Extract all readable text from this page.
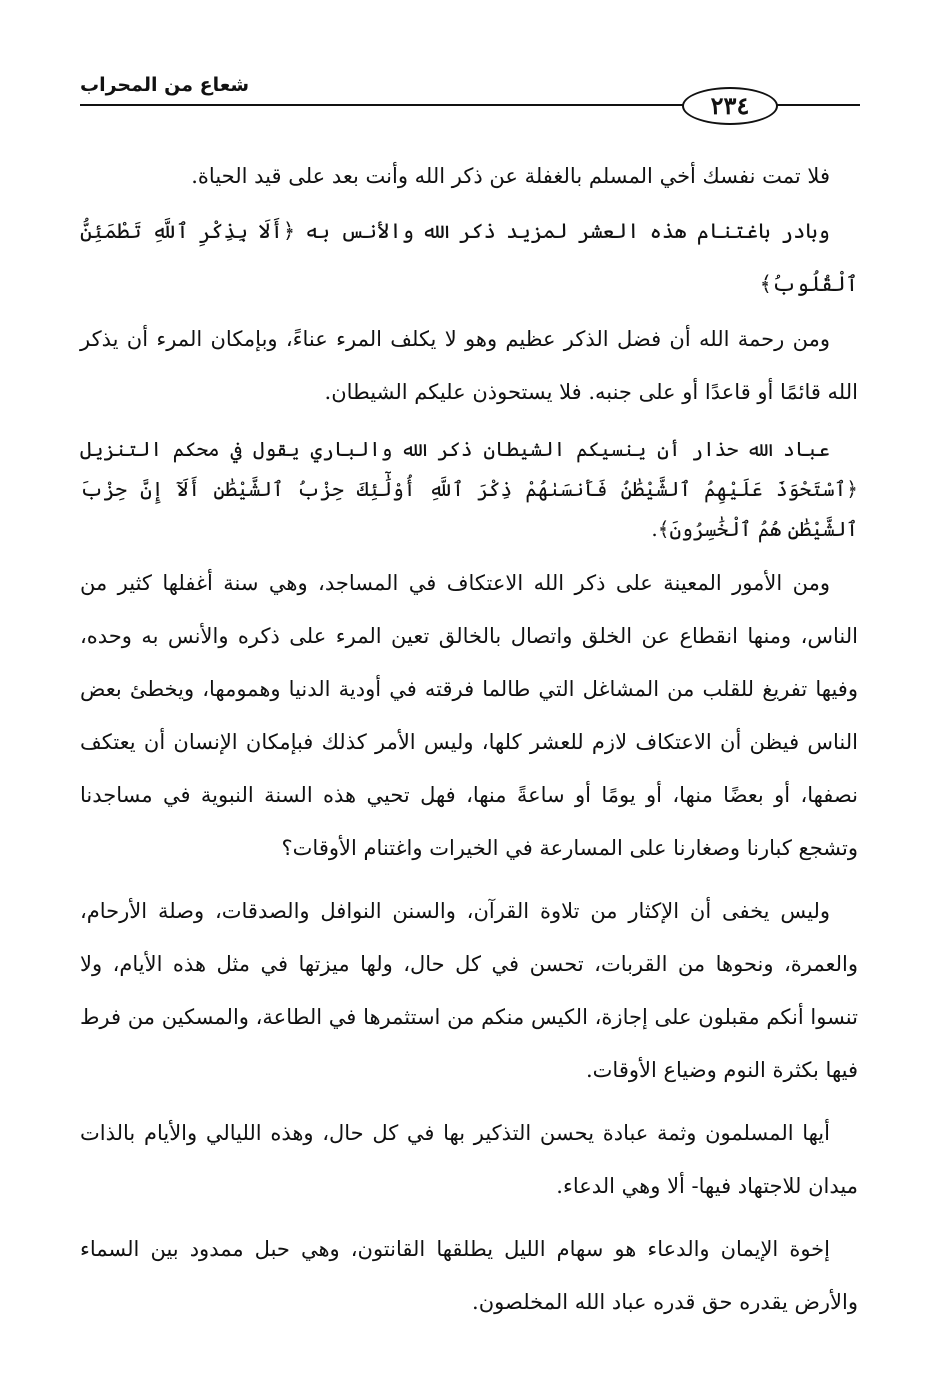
شعاع من المحراب
٢٣٤

فلا تمت نفسك أخي المسلم بالغفلة عن ذكر الله وأنت بعد على قيد الحياة.

وبادر باغتنام هذه العشر لمزيد ذكر الله والأنس به ﴿أَلَا بِذِكْرِ ٱللَّهِ تَطْمَئِنُّ ٱلْقُلُوبُ﴾

ومن رحمة الله أن فضل الذكر عظيم وهو لا يكلف المرء عناءً، وبإمكان المرء أن يذكر الله قائمًا أو قاعدًا أو على جنبه. فلا يستحوذن عليكم الشيطان.

عباد الله حذار أن ينسيكم الشيطان ذكر الله والباري يقول في محكم التنزيل ﴿ٱسْتَحْوَذَ عَلَيْهِمُ ٱلشَّيْطَٰنُ فَأَنسَىٰهُمْ ذِكْرَ ٱللَّهِ أُوْلَٰٓئِكَ حِزْبُ ٱلشَّيْطَٰنِ أَلَآ إِنَّ حِزْبَ ٱلشَّيْطَٰنِ هُمُ ٱلْخَٰسِرُونَ﴾.

ومن الأمور المعينة على ذكر الله الاعتكاف في المساجد، وهي سنة أغفلها كثير من الناس، ومنها انقطاع عن الخلق واتصال بالخالق تعين المرء على ذكره والأنس به وحده، وفيها تفريغ للقلب من المشاغل التي طالما فرقته في أودية الدنيا وهمومها، ويخطئ بعض الناس فيظن أن الاعتكاف لازم للعشر كلها، وليس الأمر كذلك فبإمكان الإنسان أن يعتكف نصفها، أو بعضًا منها، أو يومًا أو ساعةً منها، فهل تحيي هذه السنة النبوية في مساجدنا وتشجع كبارنا وصغارنا على المسارعة في الخيرات واغتنام الأوقات؟

وليس يخفى أن الإكثار من تلاوة القرآن، والسنن النوافل والصدقات، وصلة الأرحام، والعمرة، ونحوها من القربات، تحسن في كل حال، ولها ميزتها في مثل هذه الأيام، ولا تنسوا أنكم مقبلون على إجازة، الكيس منكم من استثمرها في الطاعة، والمسكين من فرط فيها بكثرة النوم وضياع الأوقات.

أيها المسلمون وثمة عبادة يحسن التذكير بها في كل حال، وهذه الليالي والأيام بالذات ميدان للاجتهاد فيها- ألا وهي الدعاء.

إخوة الإيمان والدعاء هو سهام الليل يطلقها القانتون، وهي حبل ممدود بين السماء والأرض يقدره حق قدره عباد الله المخلصون.
